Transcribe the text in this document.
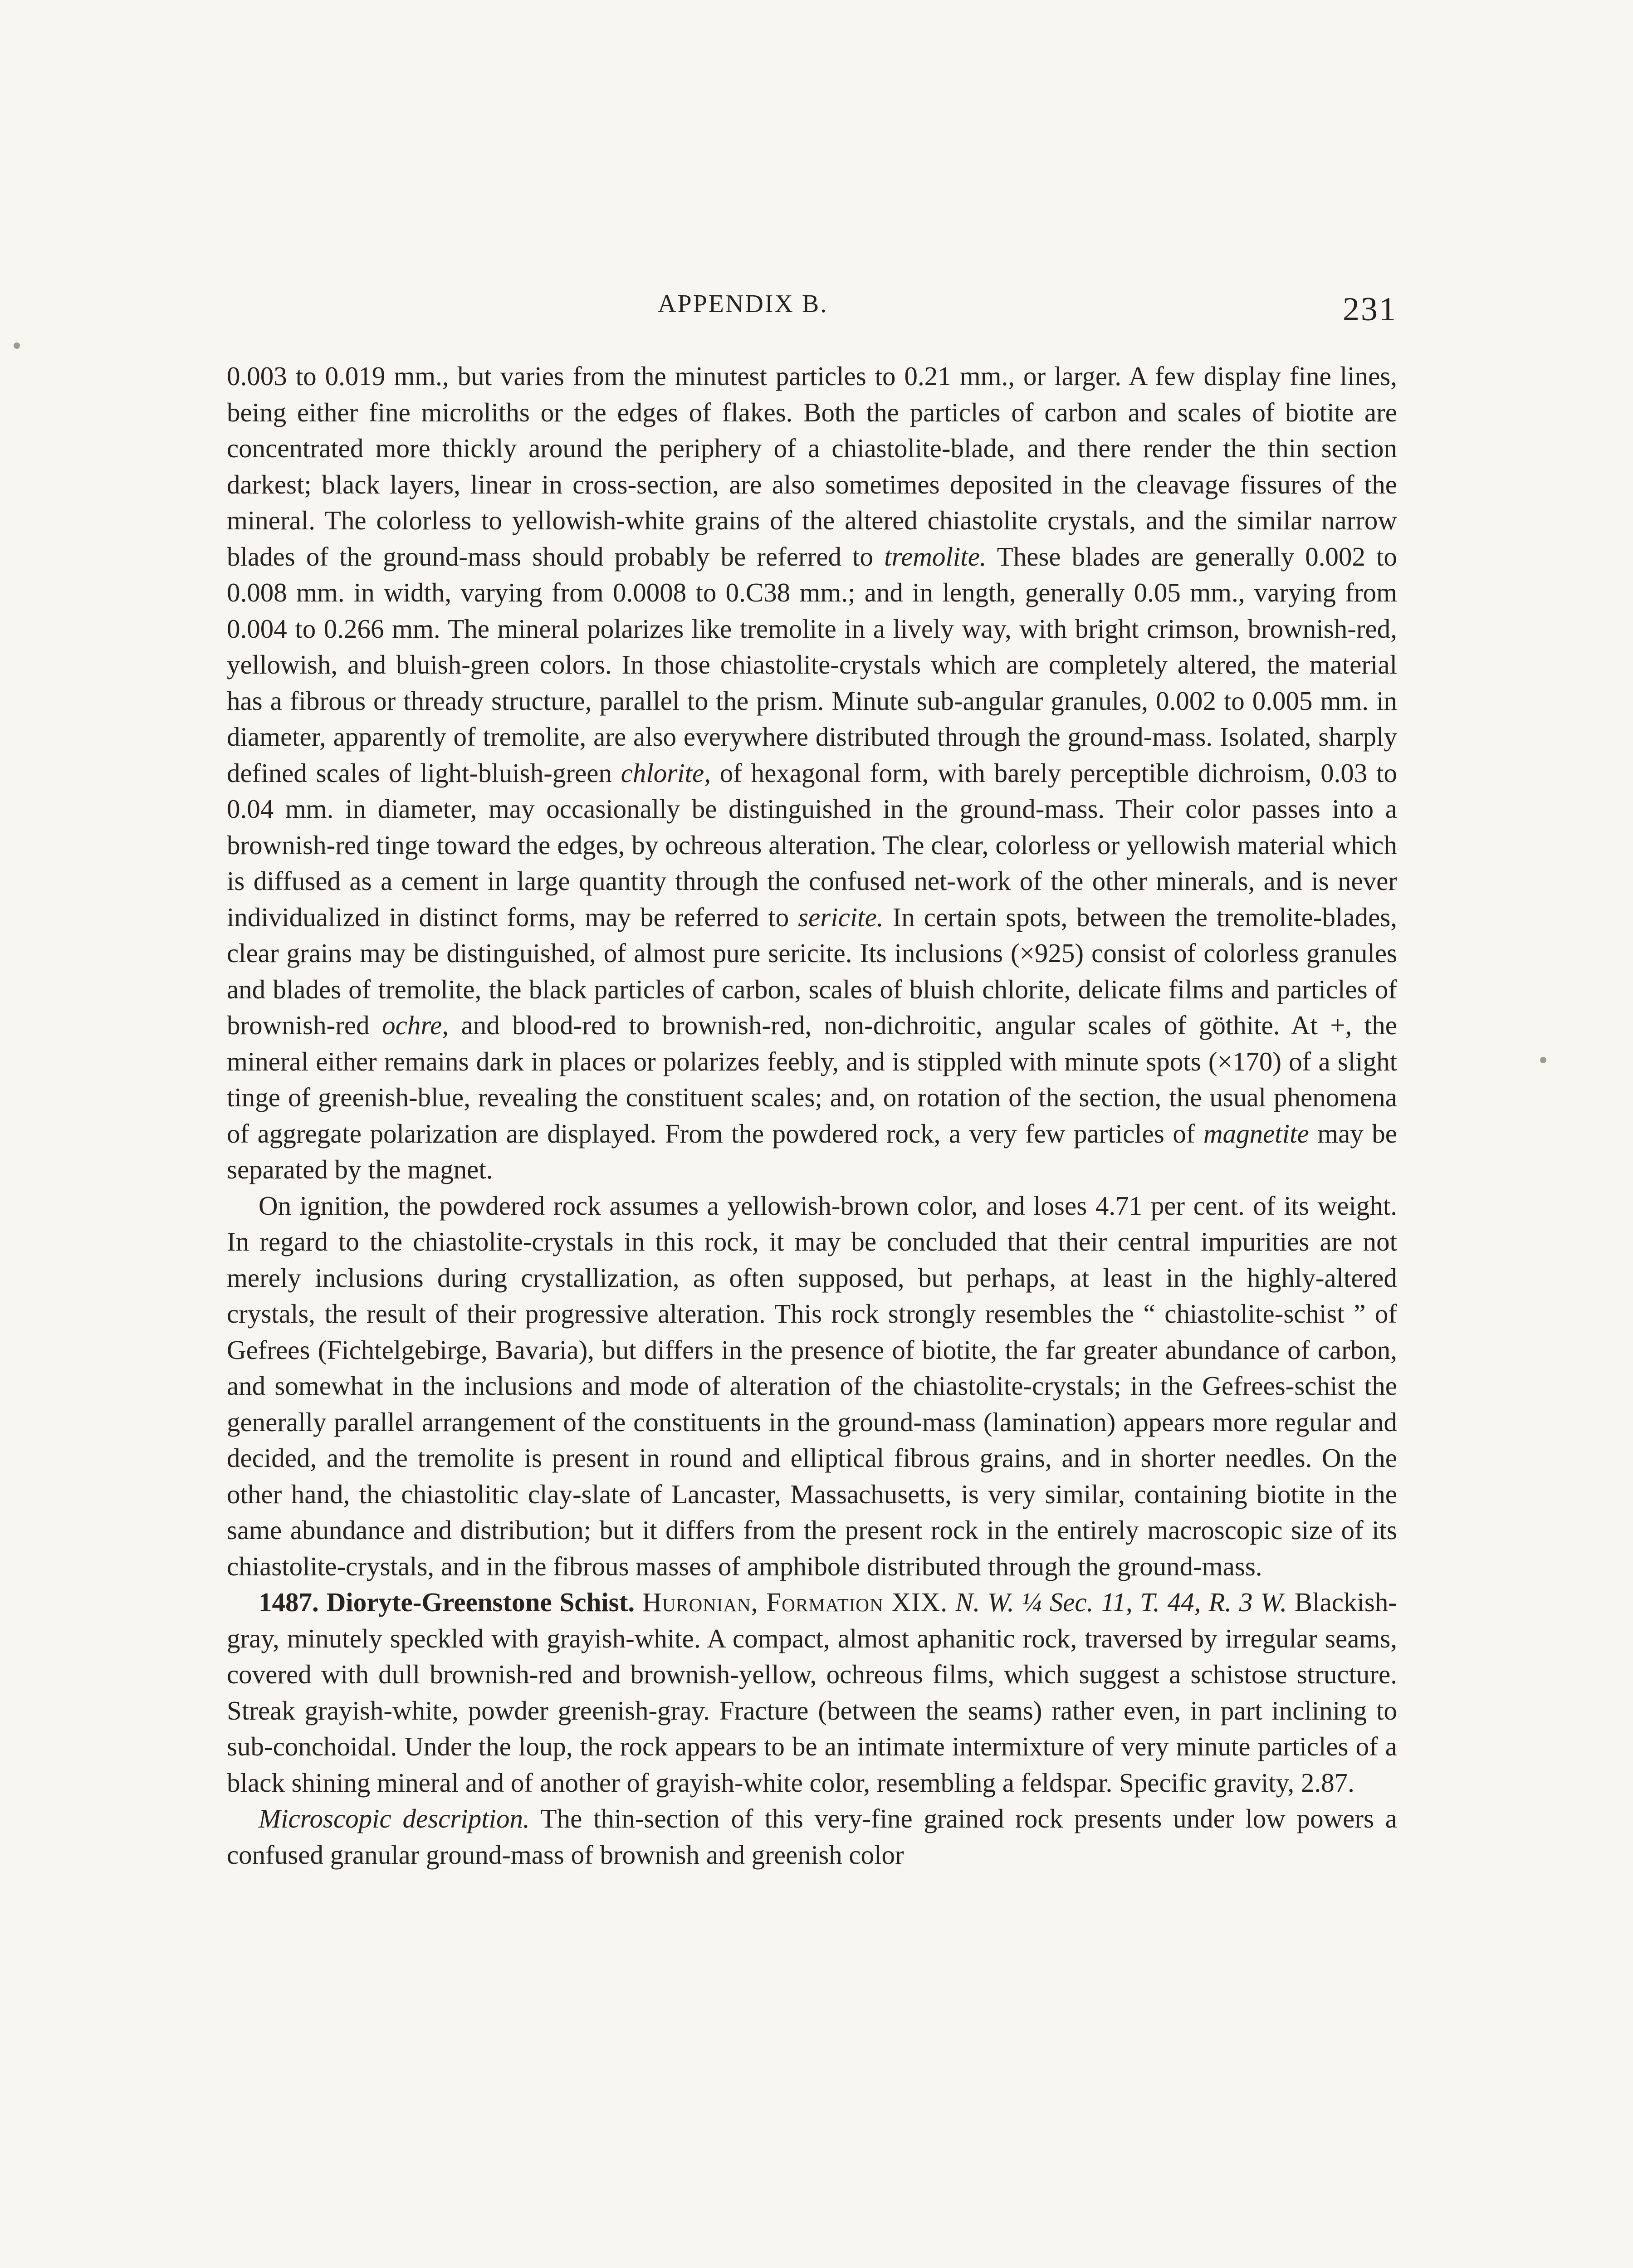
APPENDIX B.	231

0.003 to 0.019 mm., but varies from the minutest particles to 0.21 mm., or larger. A few display fine lines, being either fine microliths or the edges of flakes. Both the particles of carbon and scales of biotite are concentrated more thickly around the periphery of a chiastolite-blade, and there render the thin section darkest; black layers, linear in cross-section, are also sometimes deposited in the cleavage fissures of the mineral. The colorless to yellowish-white grains of the altered chiastolite crystals, and the similar narrow blades of the ground-mass should probably be referred to tremolite. These blades are generally 0.002 to 0.008 mm. in width, varying from 0.0008 to 0.C38 mm.; and in length, generally 0.05 mm., varying from 0.004 to 0.266 mm. The mineral polarizes like tremolite in a lively way, with bright crimson, brownish-red, yellowish, and bluish-green colors. In those chiastolite-crystals which are completely altered, the material has a fibrous or thready structure, parallel to the prism. Minute sub-angular granules, 0.002 to 0.005 mm. in diameter, apparently of tremolite, are also everywhere distributed through the ground-mass. Isolated, sharply defined scales of light-bluish-green chlorite, of hexagonal form, with barely perceptible dichroism, 0.03 to 0.04 mm. in diameter, may occasionally be distinguished in the ground-mass. Their color passes into a brownish-red tinge toward the edges, by ochreous alteration. The clear, colorless or yellowish material which is diffused as a cement in large quantity through the confused net-work of the other minerals, and is never individualized in distinct forms, may be referred to sericite. In certain spots, between the tremolite-blades, clear grains may be distinguished, of almost pure sericite. Its inclusions (×925) consist of colorless granules and blades of tremolite, the black particles of carbon, scales of bluish chlorite, delicate films and particles of brownish-red ochre, and blood-red to brownish-red, non-dichroitic, angular scales of göthite. At +, the mineral either remains dark in places or polarizes feebly, and is stippled with minute spots (×170) of a slight tinge of greenish-blue, revealing the constituent scales; and, on rotation of the section, the usual phenomena of aggregate polarization are displayed. From the powdered rock, a very few particles of magnetite may be separated by the magnet.

On ignition, the powdered rock assumes a yellowish-brown color, and loses 4.71 per cent. of its weight. In regard to the chiastolite-crystals in this rock, it may be concluded that their central impurities are not merely inclusions during crystallization, as often supposed, but perhaps, at least in the highly-altered crystals, the result of their progressive alteration. This rock strongly resembles the “ chiastolite-schist ” of Gefrees (Fichtelgebirge, Bavaria), but differs in the presence of biotite, the far greater abundance of carbon, and somewhat in the inclusions and mode of alteration of the chiastolite-crystals; in the Gefrees-schist the generally parallel arrangement of the constituents in the ground-mass (lamination) appears more regular and decided, and the tremolite is present in round and elliptical fibrous grains, and in shorter needles. On the other hand, the chiastolitic clay-slate of Lancaster, Massachusetts, is very similar, containing biotite in the same abundance and distribution; but it differs from the present rock in the entirely macroscopic size of its chiastolite-crystals, and in the fibrous masses of amphibole distributed through the ground-mass.

1487. Dioryte-Greenstone Schist. Huronian, Formation XIX. N. W. ¼ Sec. 11, T. 44, R. 3 W. Blackish-gray, minutely speckled with grayish-white. A compact, almost aphanitic rock, traversed by irregular seams, covered with dull brownish-red and brownish-yellow, ochreous films, which suggest a schistose structure. Streak grayish-white, powder greenish-gray. Fracture (between the seams) rather even, in part inclining to sub-conchoidal. Under the loup, the rock appears to be an intimate intermixture of very minute particles of a black shining mineral and of another of grayish-white color, resembling a feldspar. Specific gravity, 2.87.

Microscopic description. The thin-section of this very-fine grained rock presents under low powers a confused granular ground-mass of brownish and greenish color
